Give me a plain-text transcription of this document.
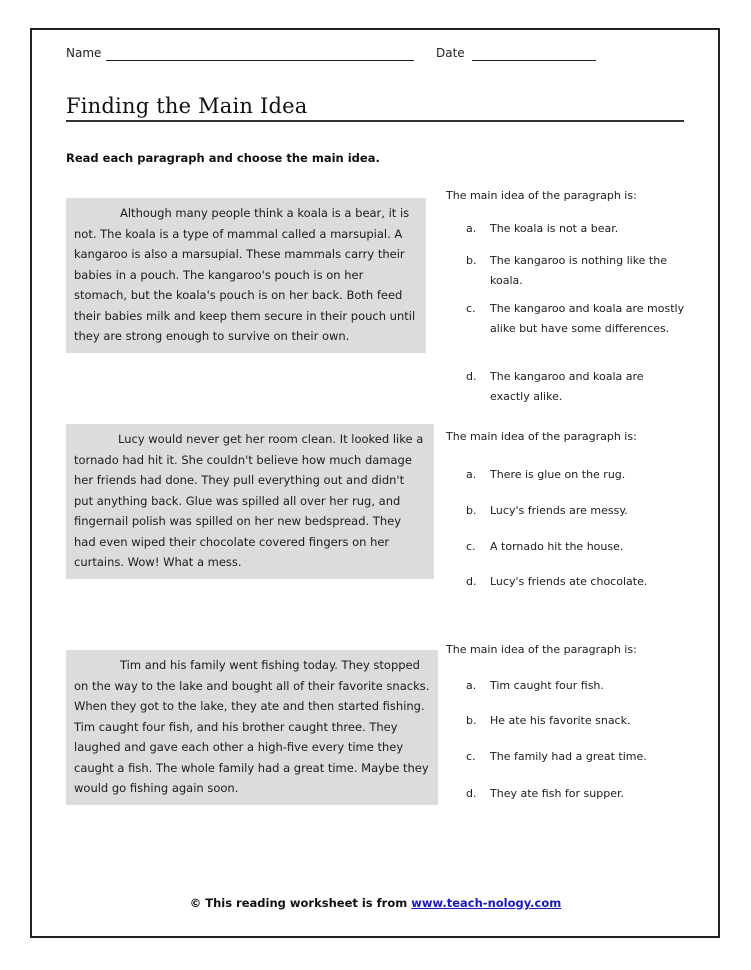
Name	Date
Finding the Main Idea
Read each paragraph and choose the main idea.
Although many people think a koala is a bear, it is not. The koala is a type of mammal called a marsupial. A kangaroo is also a marsupial. These mammals carry their babies in a pouch. The kangaroo's pouch is on her stomach, but the koala's pouch is on her back. Both feed their babies milk and keep them secure in their pouch until they are strong enough to survive on their own.
The main idea of the paragraph is:
a. The koala is not a bear.
b. The kangaroo is nothing like the koala.
c. The kangaroo and koala are mostly alike but have some differences.
d. The kangaroo and koala are exactly alike.
Lucy would never get her room clean. It looked like a tornado had hit it. She couldn't believe how much damage her friends had done. They pull everything out and didn't put anything back. Glue was spilled all over her rug, and fingernail polish was spilled on her new bedspread. They had even wiped their chocolate covered fingers on her curtains. Wow! What a mess.
The main idea of the paragraph is:
a. There is glue on the rug.
b. Lucy's friends are messy.
c. A tornado hit the house.
d. Lucy's friends ate chocolate.
Tim and his family went fishing today. They stopped on the way to the lake and bought all of their favorite snacks. When they got to the lake, they ate and then started fishing. Tim caught four fish, and his brother caught three. They laughed and gave each other a high-five every time they caught a fish. The whole family had a great time. Maybe they would go fishing again soon.
The main idea of the paragraph is:
a. Tim caught four fish.
b. He ate his favorite snack.
c. The family had a great time.
d. They ate fish for supper.
© This reading worksheet is from www.teach-nology.com
